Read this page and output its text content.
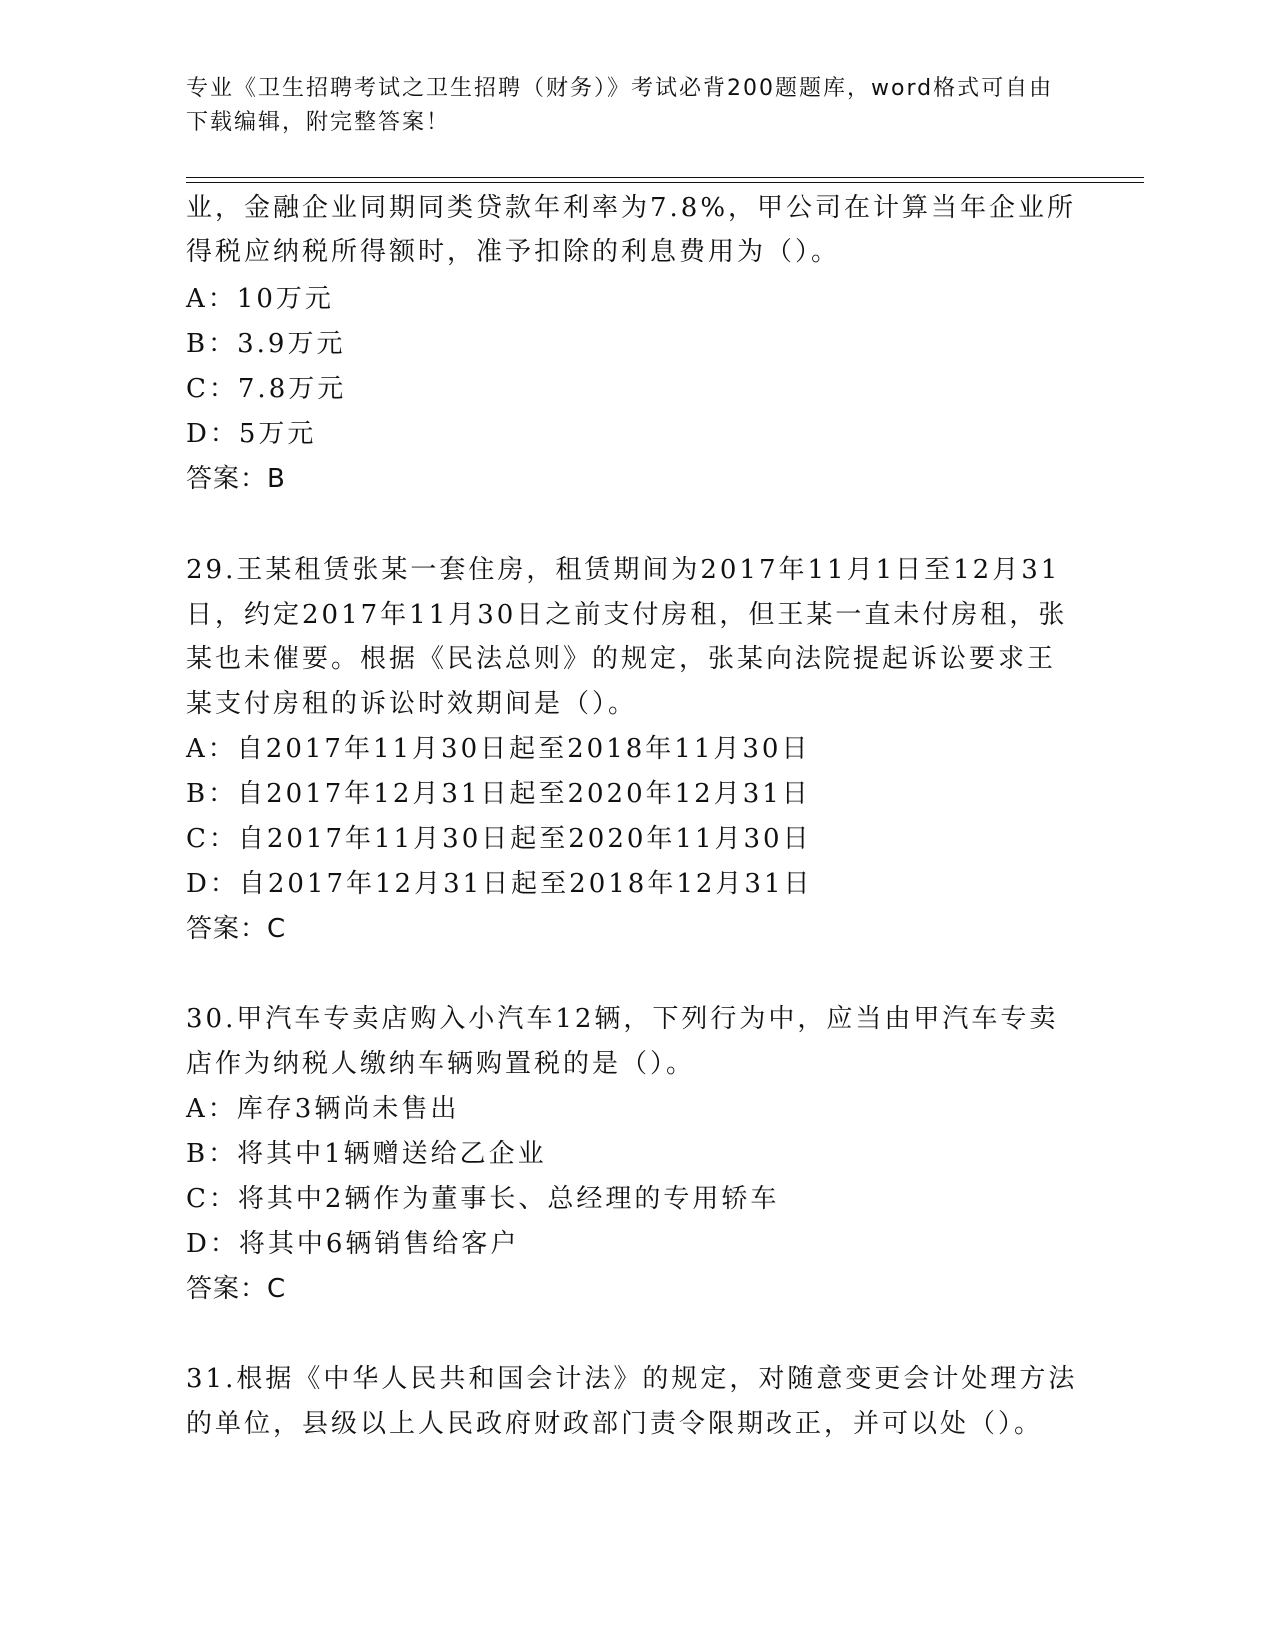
专业《卫生招聘考试之卫生招聘（财务）》考试必背200题题库，word格式可自由下载编辑，附完整答案！
业，金融企业同期同类贷款年利率为7.8%，甲公司在计算当年企业所
得税应纳税所得额时，准予扣除的利息费用为（）。
A：10万元
B：3.9万元
C：7.8万元
D：5万元
答案：B
29.王某租赁张某一套住房，租赁期间为2017年11月1日至12月31
日，约定2017年11月30日之前支付房租，但王某一直未付房租，张
某也未催要。根据《民法总则》的规定，张某向法院提起诉讼要求王
某支付房租的诉讼时效期间是（）。
A：自2017年11月30日起至2018年11月30日
B：自2017年12月31日起至2020年12月31日
C：自2017年11月30日起至2020年11月30日
D：自2017年12月31日起至2018年12月31日
答案：C
30.甲汽车专卖店购入小汽车12辆，下列行为中，应当由甲汽车专卖
店作为纳税人缴纳车辆购置税的是（）。
A：库存3辆尚未售出
B：将其中1辆赠送给乙企业
C：将其中2辆作为董事长、总经理的专用轿车
D：将其中6辆销售给客户
答案：C
31.根据《中华人民共和国会计法》的规定，对随意变更会计处理方法
的单位，县级以上人民政府财政部门责令限期改正，并可以处（）。
